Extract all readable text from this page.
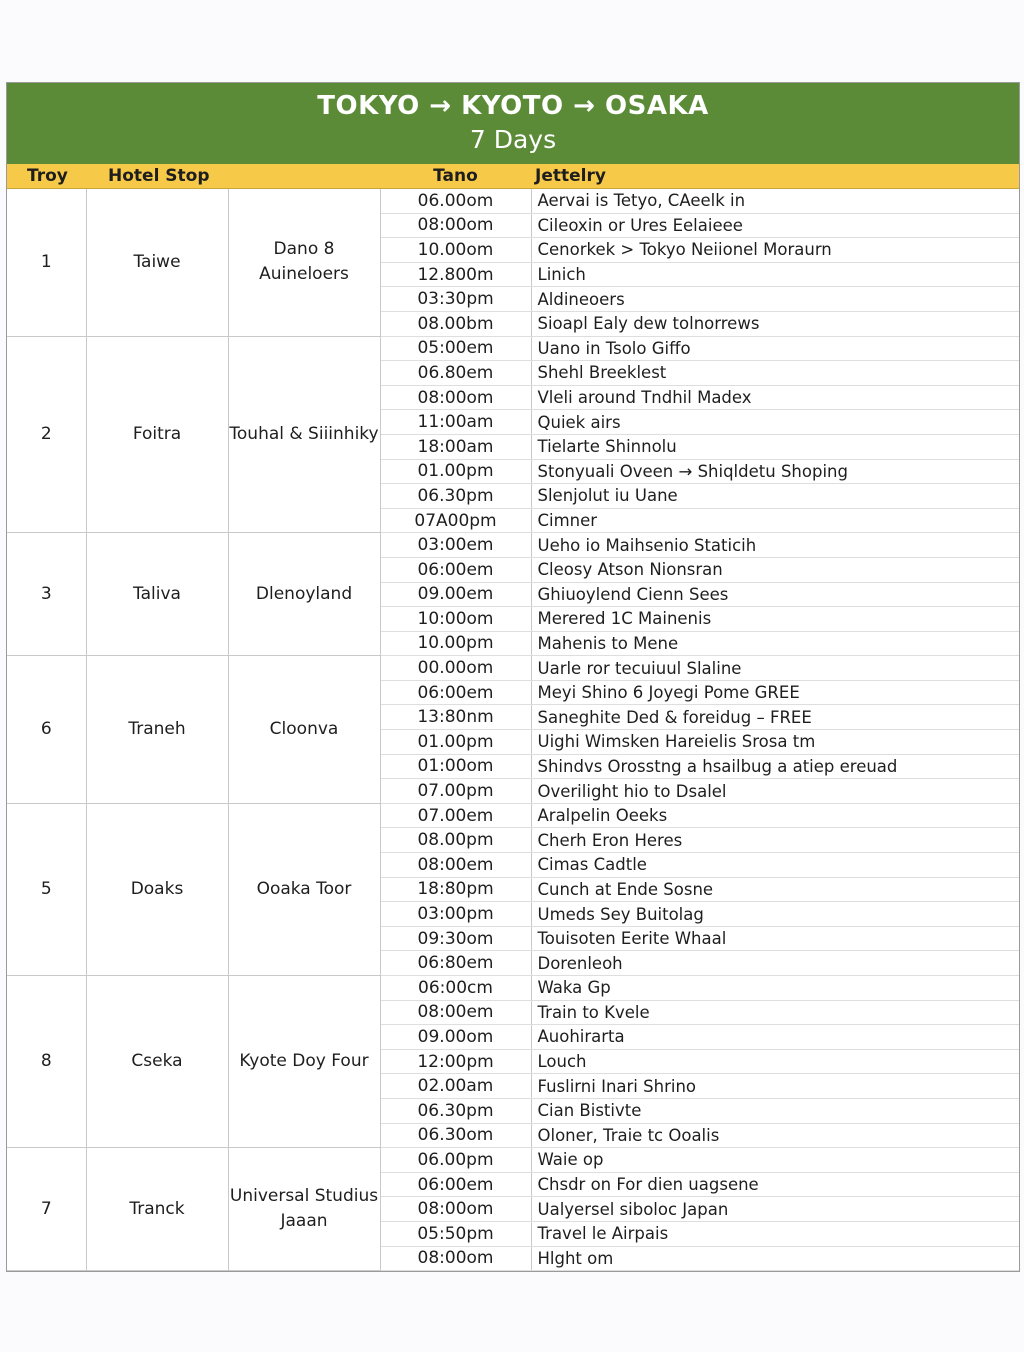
TOKYO → KYOTO → OSAKA
7 Days
Troy	Hotel Stop		Tano	Jettelry
1	Taiwe	Dano 8 Auineloers	06.00om	Aervai is Tetyo, CAeelk in
			08:00om	Cileoxin or Ures Eelaieee
			10.00om	Cenorkek > Tokyo Neiionel Moraurn
			12.800m	Linich
			03:30pm	Aldineoers
			08.00bm	Sioapl Ealy dew tolnorrews
2	Foitra	Touhal & Siiinhiky	05:00em	Uano in Tsolo Giffo
			06.80em	Shehl Breeklest
			08:00om	Vleli around Tndhil Madex
			11:00am	Quiek airs
			18:00am	Tielarte Shinnolu
			01.00pm	Stonyuali Oveen → Shiqldetu Shoping
			06.30pm	Slenjolut iu Uane
			07A00pm	Cimner
3	Taliva	Dlenoyland	03:00em	Ueho io Maihsenio Staticih
			06:00em	Cleosy Atson Nionsran
			09.00em	Ghiuoylend Cienn Sees
			10:00om	Merered 1C Mainenis
			10.00pm	Mahenis to Mene
6	Traneh	Cloonva	00.00om	Uarle ror tecuiuul Slaline
			06:00em	Meyi Shino 6 Joyegi Pome GREE
			13:80nm	Saneghite Ded & foreidug – FREE
			01.00pm	Uighi Wimsken Hareielis Srosa tm
			01:00om	Shindvs Orosstng a hsailbug a atiep ereuad
			07.00pm	Overilight hio to Dsalel
5	Doaks	Ooaka Toor	07.00em	Aralpelin Oeeks
			08.00pm	Cherh Eron Heres
			08:00em	Cimas Cadtle
			18:80pm	Cunch at Ende Sosne
			03:00pm	Umeds Sey Buitolag
			09:30om	Touisoten Eerite Whaal
			06:80em	Dorenleoh
8	Cseka	Kyote Doy Four	06:00cm	Waka Gp
			08:00em	Train to Kvele
			09.00om	Auohirarta
			12:00pm	Louch
			02.00am	Fuslirni Inari Shrino
			06.30pm	Cian Bistivte
			06.30om	Oloner, Traie tc Ooalis
7	Tranck	Universal Studius Jaaan	06.00pm	Waie op
			06:00em	Chsdr on For dien uagsene
			08:00om	Ualyersel siboloc Japan
			05:50pm	Travel le Airpais
			08:00om	Hlght om
